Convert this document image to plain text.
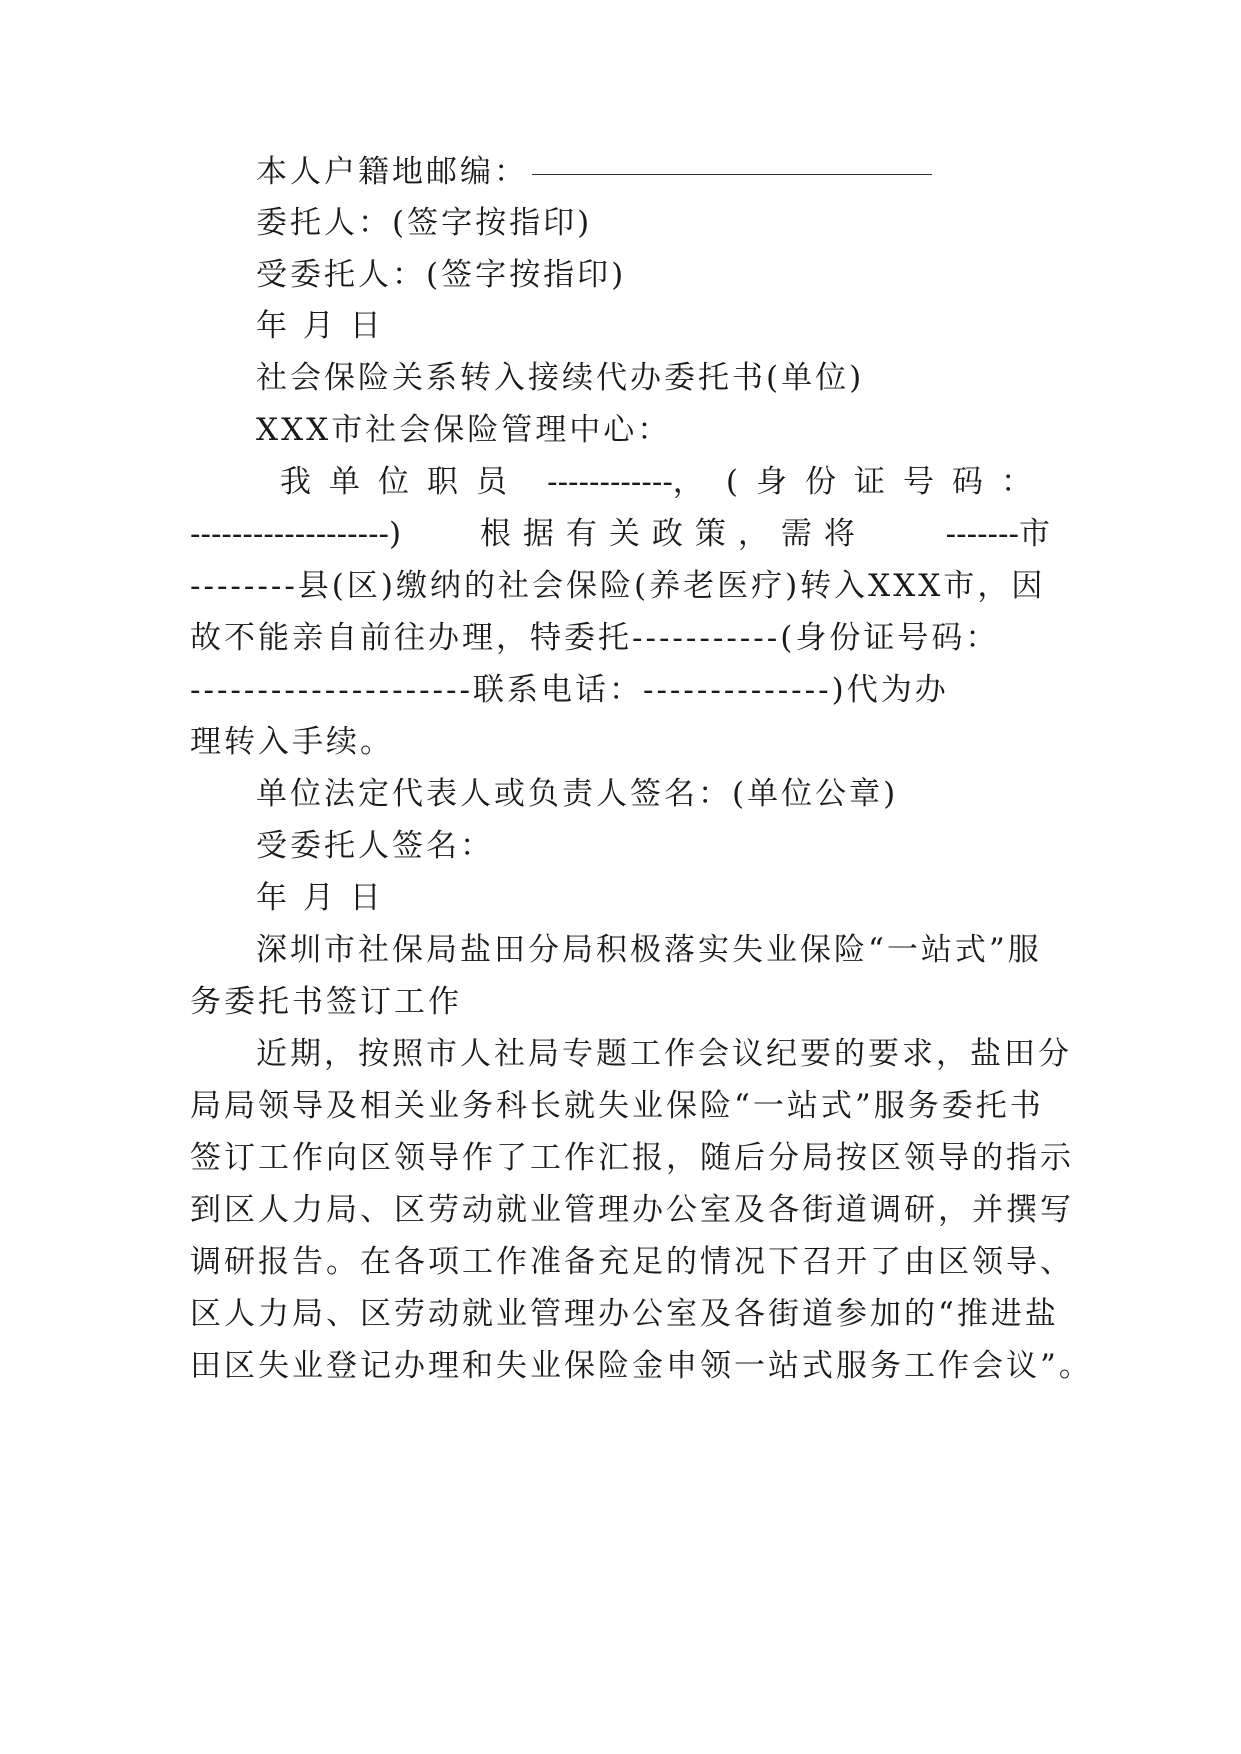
本人户籍地邮编：
委托人：(签字按指印)
受委托人：(签字按指印)
年 月 日
社会保险关系转入接续代办委托书(单位)
XXX市社会保险管理中心：
我单位职员 ------------， (身份证号码：
-------------------)	根据有关政策，需将	-------市
--------县(区)缴纳的社会保险(养老医疗)转入XXX市，因
故不能亲自前往办理，特委托-----------(身份证号码：
---------------------联系电话：--------------)代为办
理转入手续。
单位法定代表人或负责人签名：(单位公章)
受委托人签名：
年 月 日
深圳市社保局盐田分局积极落实失业保险“一站式”服
务委托书签订工作
近期，按照市人社局专题工作会议纪要的要求，盐田分
局局领导及相关业务科长就失业保险“一站式”服务委托书
签订工作向区领导作了工作汇报，随后分局按区领导的指示
到区人力局、区劳动就业管理办公室及各街道调研，并撰写
调研报告。在各项工作准备充足的情况下召开了由区领导、
区人力局、区劳动就业管理办公室及各街道参加的“推进盐
田区失业登记办理和失业保险金申领一站式服务工作会议”。
